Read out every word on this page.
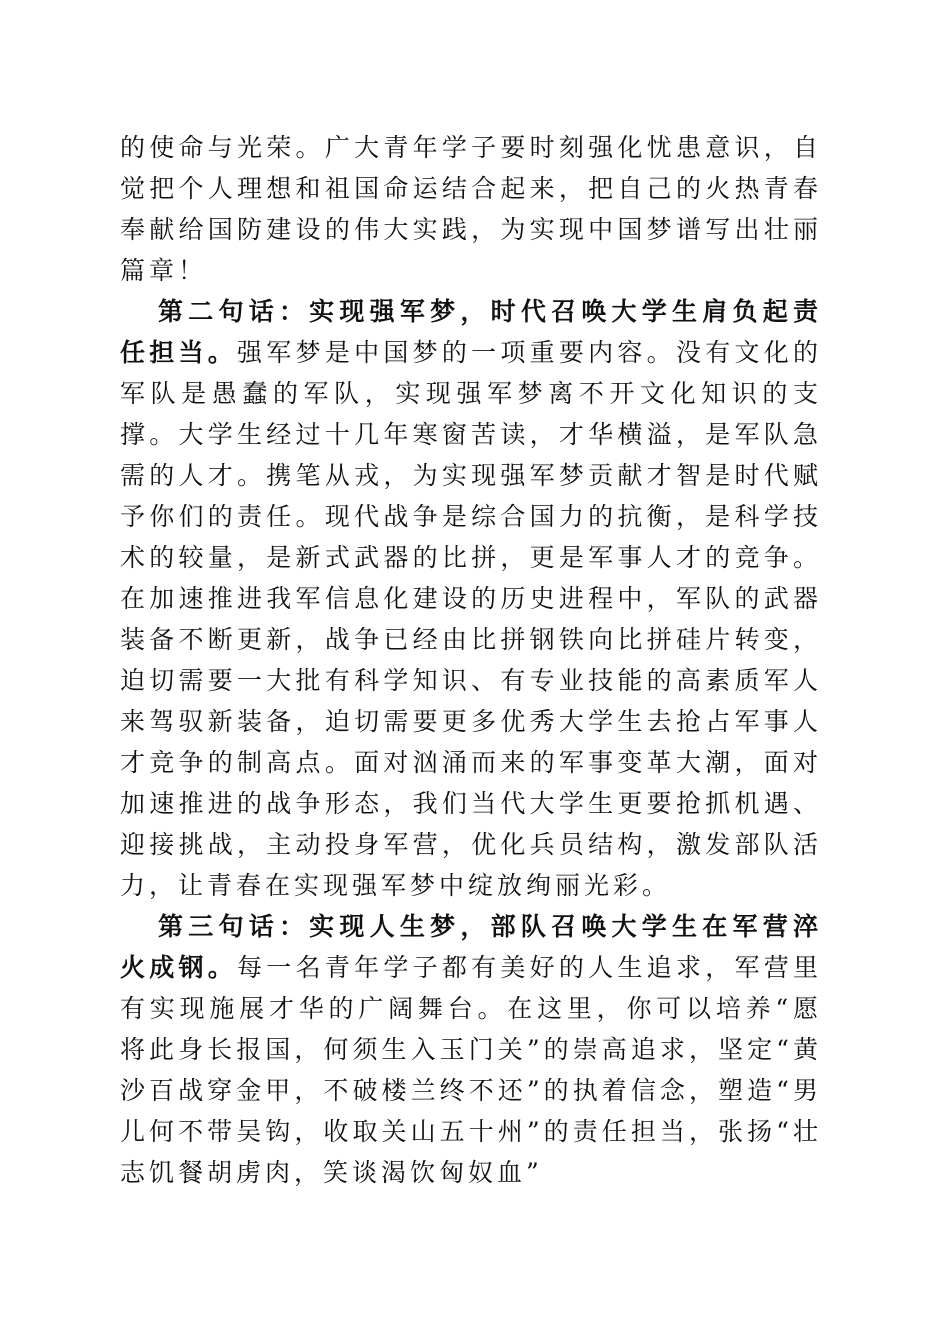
的使命与光荣。广大青年学子要时刻强化忧患意识，自觉把个人理想和祖国命运结合起来，把自己的火热青春奉献给国防建设的伟大实践，为实现中国梦谱写出壮丽篇章！

第二句话：实现强军梦，时代召唤大学生肩负起责任担当。强军梦是中国梦的一项重要内容。没有文化的军队是愚蠢的军队，实现强军梦离不开文化知识的支撑。大学生经过十几年寒窗苦读，才华横溢，是军队急需的人才。携笔从戎，为实现强军梦贡献才智是时代赋予你们的责任。现代战争是综合国力的抗衡，是科学技术的较量，是新式武器的比拼，更是军事人才的竞争。在加速推进我军信息化建设的历史进程中，军队的武器装备不断更新，战争已经由比拼钢铁向比拼硅片转变，迫切需要一大批有科学知识、有专业技能的高素质军人来驾驭新装备，迫切需要更多优秀大学生去抢占军事人才竞争的制高点。面对汹涌而来的军事变革大潮，面对加速推进的战争形态，我们当代大学生更要抢抓机遇、迎接挑战，主动投身军营，优化兵员结构，激发部队活力，让青春在实现强军梦中绽放绚丽光彩。

第三句话：实现人生梦，部队召唤大学生在军营淬火成钢。每一名青年学子都有美好的人生追求，军营里有实现施展才华的广阔舞台。在这里，你可以培养“愿将此身长报国，何须生入玉门关”的崇高追求，坚定“黄沙百战穿金甲，不破楼兰终不还”的执着信念，塑造“男儿何不带吴钩，收取关山五十州”的责任担当，张扬“壮志饥餐胡虏肉，笑谈渴饮匈奴血”
